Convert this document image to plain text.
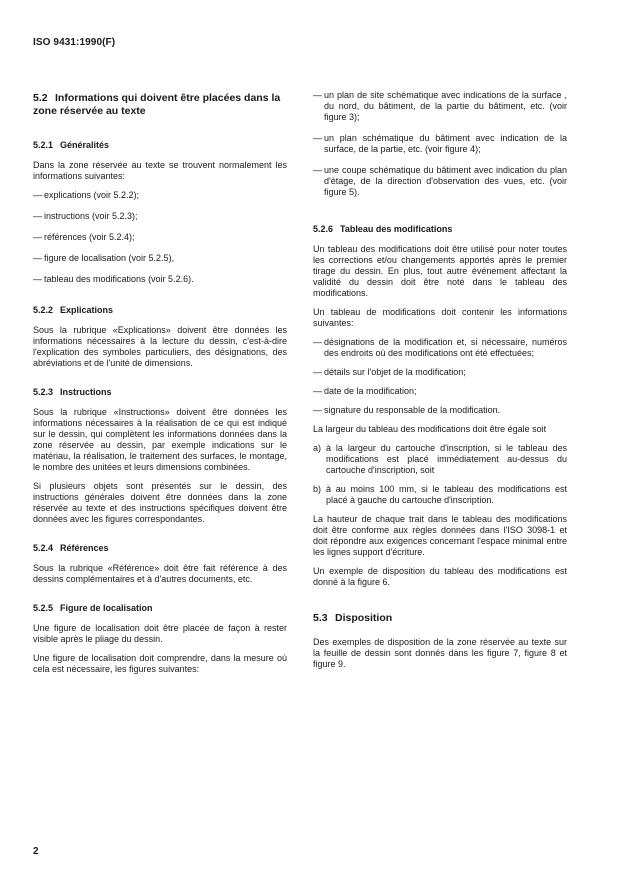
ISO 9431:1990(F)
5.2 Informations qui doivent être placées dans la zone réservée au texte
5.2.1 Généralités

Dans la zone réservée au texte se trouvent normalement les informations suivantes:

— explications (voir 5.2.2);
— instructions (voir 5.2.3);
— références (voir 5.2.4);
— figure de localisation (voir 5.2.5),
— tableau des modifications (voir 5.2.6).
5.2.2 Explications

Sous la rubrique «Explications» doivent être données les informations nécessaires à la lecture du dessin, c'est-à-dire l'explication des symboles particuliers, des désignations, des abréviations et de l'unité de dimensions.

5.2.3 Instructions

Sous la rubrique «Instructions» doivent être données les informations nécessaires à la réalisation de ce qui est indiqué sur le dessin, qui complètent les informations données dans la zone réservée au dessin, par exemple indications sur le matériau, la réalisation, le traitement des surfaces, le montage, le nombre des unitées et leurs dimensions combinées.

Si plusieurs objets sont présentés sur le dessin, des instructions générales doivent être données dans la zone réservée au texte et des instructions spécifiques doivent être données avec les figures correspondantes.

5.2.4 Références

Sous la rubrique «Référence» doit être fait référence à des dessins complémentaires et à d'autres documents, etc.

5.2.5 Figure de localisation

Une figure de localisation doit être placée de façon à rester visible après le pliage du dessin.

Une figure de localisation doit comprendre, dans la mesure où cela est nécessaire, les figures suivantes:

— un plan de site schématique avec indications de la surface , du nord, du bâtiment, de la partie du bâtiment, etc. (voir figure 3);
— un plan schématique du bâtiment avec indication de la surface, de la partie, etc. (voir figure 4);
— une coupe schématique du bâtiment avec indication du plan d'étage, de la direction d'observation des vues, etc. (voir figure 5).
5.2.6 Tableau des modifications

Un tableau des modifications doit être utilisé pour noter toutes les corrections et/ou changements apportés après le premier tirage du dessin. En plus, tout autre événement affectant la validité du dessin doit être noté dans le tableau des modifications.

Un tableau de modifications doit contenir les informations suivantes:

— désignations de la modification et, si nécessaire, numéros des endroits où des modifications ont été effectuées;
— détails sur l'objet de la modification;
— date de la modification;
— signature du responsable de la modification.

La largeur du tableau des modifications doit être égale soit

a) à la largeur du cartouche d'inscription, si le tableau des modifications est placé immédiatement au-dessus du cartouche d'inscription, soit
b) à au moins 100 mm, si le tableau des modifications est placé à gauche du cartouche d'inscription.

La hauteur de chaque trait dans le tableau des modifications doit être conforme aux règles données dans l'ISO 3098-1 et doit répondre aux exigences concernant l'espace minimal entre les lignes support d'écriture.

Un exemple de disposition du tableau des modifications est donné à la figure 6.

5.3 Disposition

Des exemples de disposition de la zone réservée au texte sur la feuille de dessin sont donnés dans les figure 7, figure 8 et figure 9.

2
